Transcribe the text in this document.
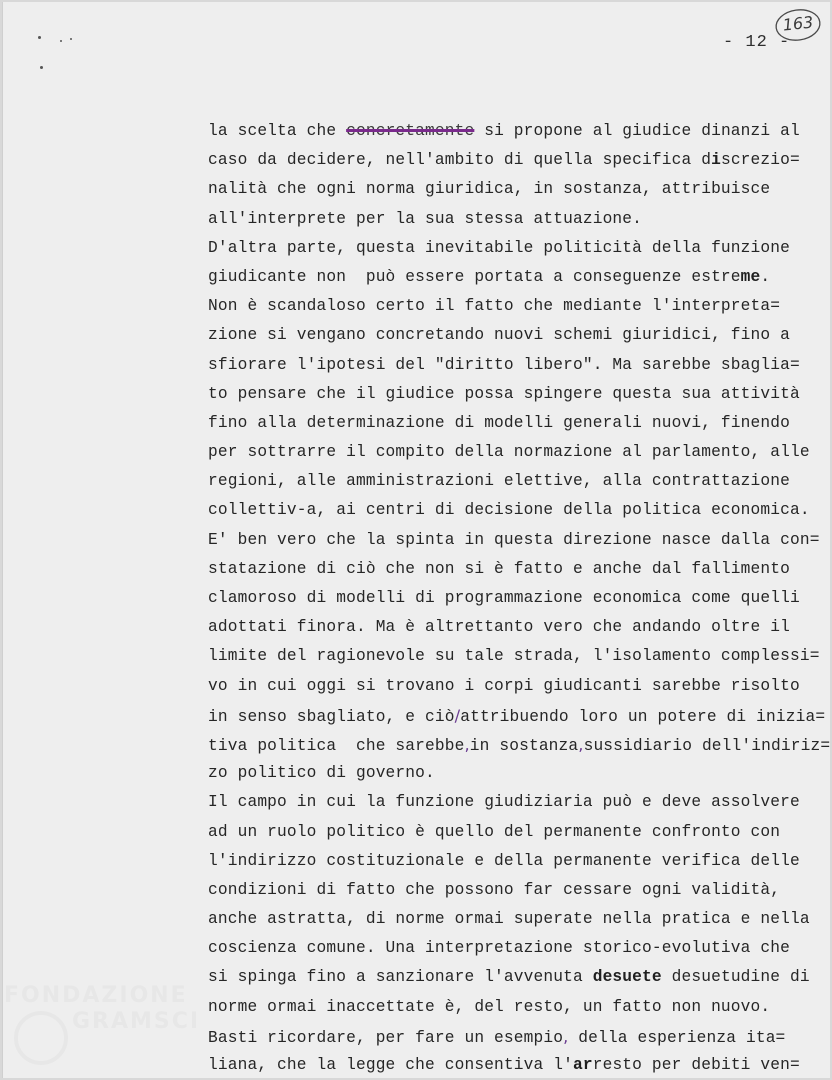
- 12 -
163
la scelta che concretamente si propone al giudice dinanzi al
caso da decidere, nell'ambito di quella specifica discrezio=
nalità che ogni norma giuridica, in sostanza, attribuisce
all'interprete per la sua stessa attuazione.
D'altra parte, questa inevitabile politicità della funzione
giudicante non  può essere portata a conseguenze estreme.
Non è scandaloso certo il fatto che mediante l'interpreta=
zione si vengano concretando nuovi schemi giuridici, fino a
sfiorare l'ipotesi del "diritto libero". Ma sarebbe sbaglia=
to pensare che il giudice possa spingere questa sua attività
fino alla determinazione di modelli generali nuovi, finendo
per sottrarre il compito della normazione al parlamento, alle
regioni, alle amministrazioni elettive, alla contrattazione
collettiv-a, ai centri di decisione della politica economica.
E' ben vero che la spinta in questa direzione nasce dalla con=
statazione di ciò che non si è fatto e anche dal fallimento
clamoroso di modelli di programmazione economica come quelli
adottati finora. Ma è altrettanto vero che andando oltre il
limite del ragionevole su tale strada, l'isolamento complessi=
vo in cui oggi si trovano i corpi giudicanti sarebbe risolto
in senso sbagliato, e ciò/attribuendo loro un potere di inizia=
tiva politica  che sarebbe,in sostanza,sussidiario dell'indiriz=
zo politico di governo.
Il campo in cui la funzione giudiziaria può e deve assolvere
ad un ruolo politico è quello del permanente confronto con
l'indirizzo costituzionale e della permanente verifica delle
condizioni di fatto che possono far cessare ogni validità,
anche astratta, di norme ormai superate nella pratica e nella
coscienza comune. Una interpretazione storico-evolutiva che
si spinga fino a sanzionare l'avvenuta desuete desuetudine di
norme ormai inaccettate è, del resto, un fatto non nuovo.
Basti ricordare, per fare un esempio, della esperienza ita=
liana, che la legge che consentiva l'arresto per debiti ven=
FONDAZIONE
GRAMSCI
